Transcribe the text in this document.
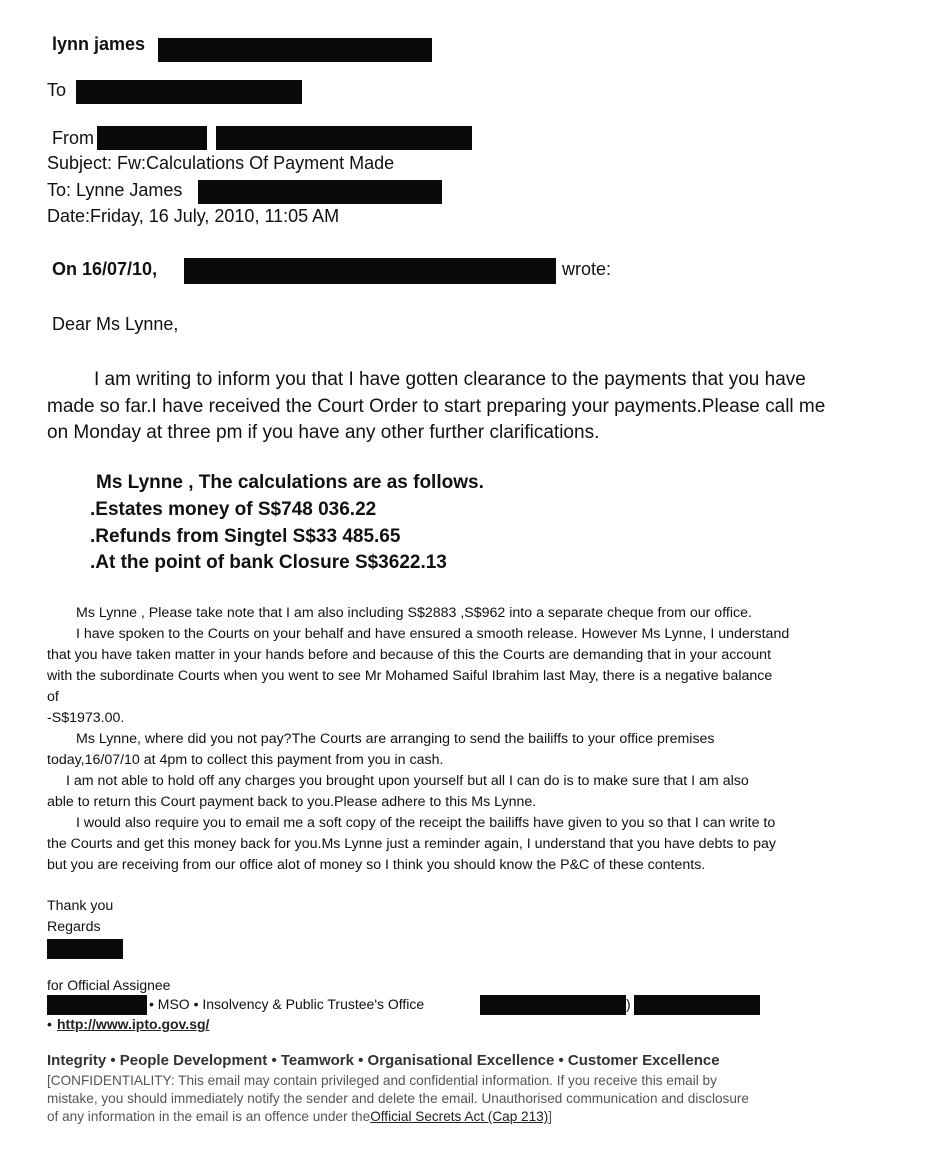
lynn james
To
From
Subject: Fw:Calculations Of Payment Made
To: Lynne James
Date:Friday, 16 July, 2010, 11:05 AM
On 16/07/10,	wrote:
Dear Ms Lynne,
I am writing to inform you that I have gotten clearance to the payments that you have
made so far.I have received the Court Order to start preparing your payments.Please call me
on Monday at three pm if you have any other further clarifications.
Ms Lynne , The calculations are as follows.
.Estates money of S$748 036.22
.Refunds from Singtel S$33 485.65
.At the point of bank Closure S$3622.13
Ms Lynne , Please take note that I am also including S$2883 ,S$962 into a separate cheque from our office.
I have spoken to the Courts on your behalf and have ensured a smooth release. However Ms Lynne, I understand
that you have taken matter in your hands before and because of this the Courts are demanding that in your account
with the subordinate Courts when you went to see Mr Mohamed Saiful Ibrahim last May, there is a negative balance
of
-S$1973.00.
Ms Lynne, where did you not pay?The Courts are arranging to send the bailiffs to your office premises
today,16/07/10 at 4pm to collect this payment from you in cash.
I am not able to hold off any charges you brought upon yourself but all I can do is to make sure that I am also
able to return this Court payment back to you.Please adhere to this Ms Lynne.
I would also require you to email me a soft copy of the receipt the bailiffs have given to you so that I can write to
the Courts and get this money back for you.Ms Lynne just a reminder again, I understand that you have debts to pay
but you are receiving from our office alot of money so I think you should know the P&C of these contents.
Thank you
Regards
for Official Assignee
• MSO • Insolvency & Public Trustee's Office	)
• http://www.ipto.gov.sg/
Integrity • People Development • Teamwork • Organisational Excellence • Customer Excellence
[CONFIDENTIALITY: This email may contain privileged and confidential information. If you receive this email by
mistake, you should immediately notify the sender and delete the email. Unauthorised communication and disclosure
of any information in the email is an offence under theOfficial Secrets Act (Cap 213)]
